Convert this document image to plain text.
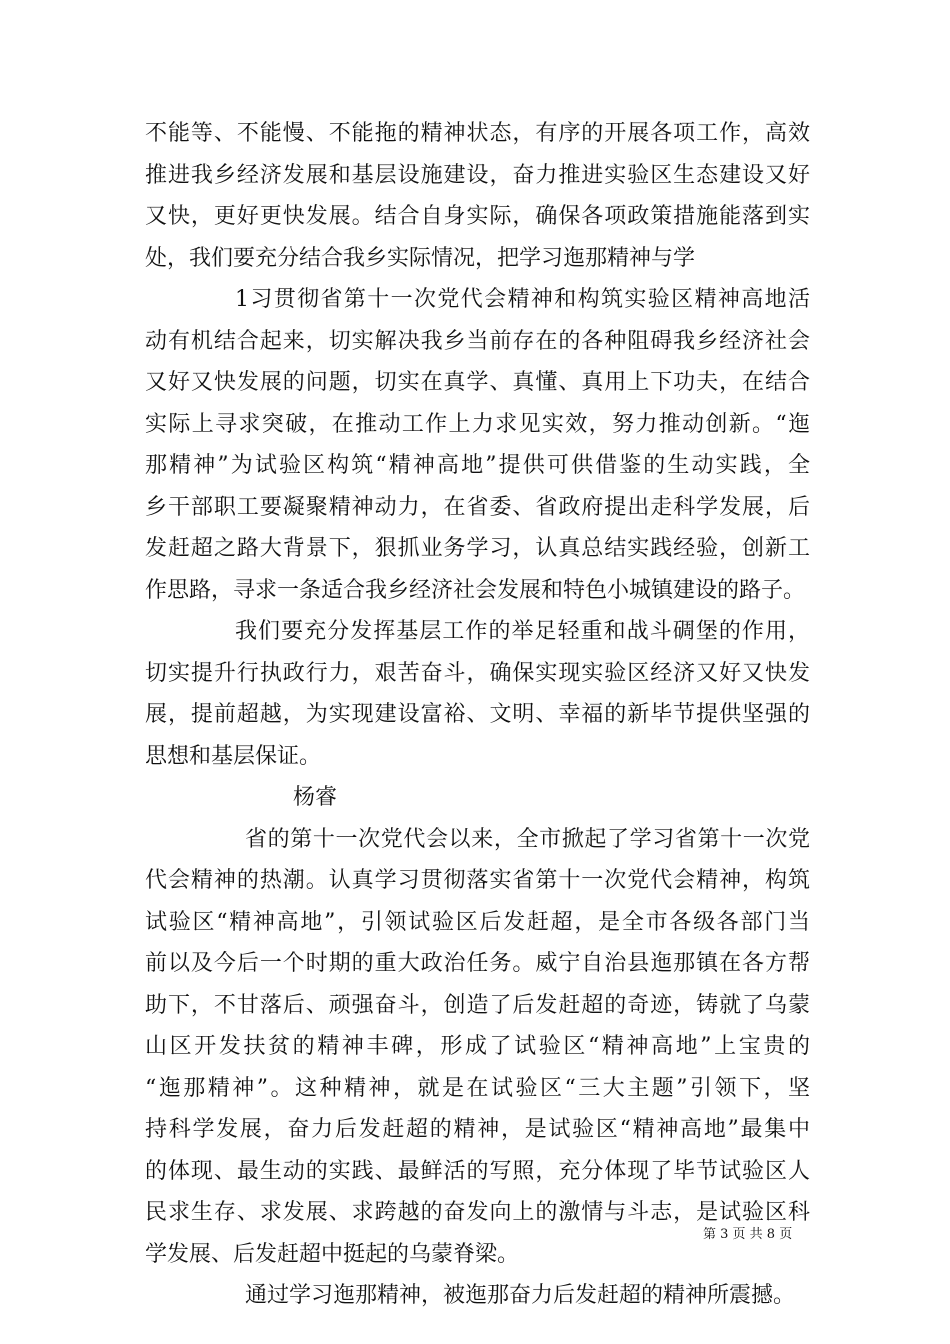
不能等、不能慢、不能拖的精神状态，有序的开展各项工作，高效
推进我乡经济发展和基层设施建设，奋力推进实验区生态建设又好
又快，更好更快发展。结合自身实际，确保各项政策措施能落到实
处，我们要充分结合我乡实际情况，把学习迤那精神与学
1习贯彻省第十一次党代会精神和构筑实验区精神高地活
动有机结合起来，切实解决我乡当前存在的各种阻碍我乡经济社会
又好又快发展的问题，切实在真学、真懂、真用上下功夫，在结合
实际上寻求突破，在推动工作上力求见实效，努力推动创新。“迤
那精神”为试验区构筑“精神高地”提供可供借鉴的生动实践，全
乡干部职工要凝聚精神动力，在省委、省政府提出走科学发展，后
发赶超之路大背景下，狠抓业务学习，认真总结实践经验，创新工
作思路，寻求一条适合我乡经济社会发展和特色小城镇建设的路子。
我们要充分发挥基层工作的举足轻重和战斗碉堡的作用，
切实提升行执政行力，艰苦奋斗，确保实现实验区经济又好又快发
展，提前超越，为实现建设富裕、文明、幸福的新毕节提供坚强的
思想和基层保证。
杨睿
省的第十一次党代会以来，全市掀起了学习省第十一次党
代会精神的热潮。认真学习贯彻落实省第十一次党代会精神，构筑
试验区“精神高地”，引领试验区后发赶超，是全市各级各部门当
前以及今后一个时期的重大政治任务。威宁自治县迤那镇在各方帮
助下，不甘落后、顽强奋斗，创造了后发赶超的奇迹，铸就了乌蒙
山区开发扶贫的精神丰碑，形成了试验区“精神高地”上宝贵的
“迤那精神”。这种精神，就是在试验区“三大主题”引领下，坚
持科学发展，奋力后发赶超的精神，是试验区“精神高地”最集中
的体现、最生动的实践、最鲜活的写照，充分体现了毕节试验区人
民求生存、求发展、求跨越的奋发向上的激情与斗志，是试验区科
学发展、后发赶超中挺起的乌蒙脊梁。
通过学习迤那精神，被迤那奋力后发赶超的精神所震撼。
第 3 页 共 8 页
